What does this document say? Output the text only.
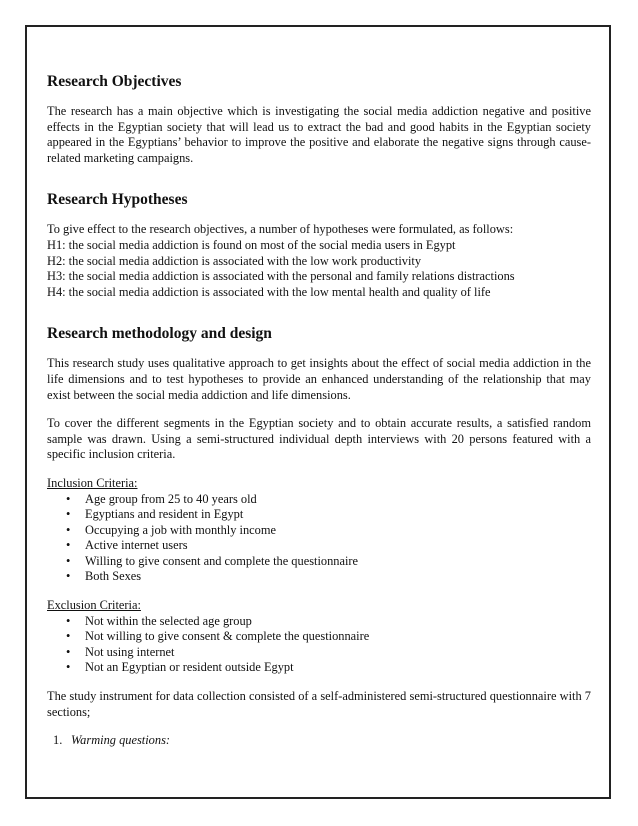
Research Objectives

The research has a main objective which is investigating the social media addiction negative and positive effects in the Egyptian society that will lead us to extract the bad and good habits in the Egyptian society appeared in the Egyptians’ behavior to improve the positive and elaborate the negative signs through cause-related marketing campaigns.

Research Hypotheses
To give effect to the research objectives, a number of hypotheses were formulated, as follows:
H1: the social media addiction is found on most of the social media users in Egypt
H2: the social media addiction is associated with the low work productivity
H3: the social media addiction is associated with the personal and family relations distractions
H4: the social media addiction is associated with the low mental health and quality of life
Research methodology and design

This research study uses qualitative approach to get insights about the effect of social media addiction in the life dimensions and to test hypotheses to provide an enhanced understanding of the relationship that may exist between the social media addiction and life dimensions.

To cover the different segments in the Egyptian society and to obtain accurate results, a satisfied random sample was drawn. Using a semi-structured individual depth interviews with 20 persons featured with a specific inclusion criteria.

Inclusion Criteria:
• Age group from 25 to 40 years old
• Egyptians and resident in Egypt
• Occupying a job with monthly income
• Active internet users
• Willing to give consent and complete the questionnaire
• Both Sexes
Exclusion Criteria:
• Not within the selected age group
• Not willing to give consent & complete the questionnaire
• Not using internet
• Not an Egyptian or resident outside Egypt

The study instrument for data collection consisted of a self-administered semi-structured questionnaire with 7 sections;

1. Warming questions:
